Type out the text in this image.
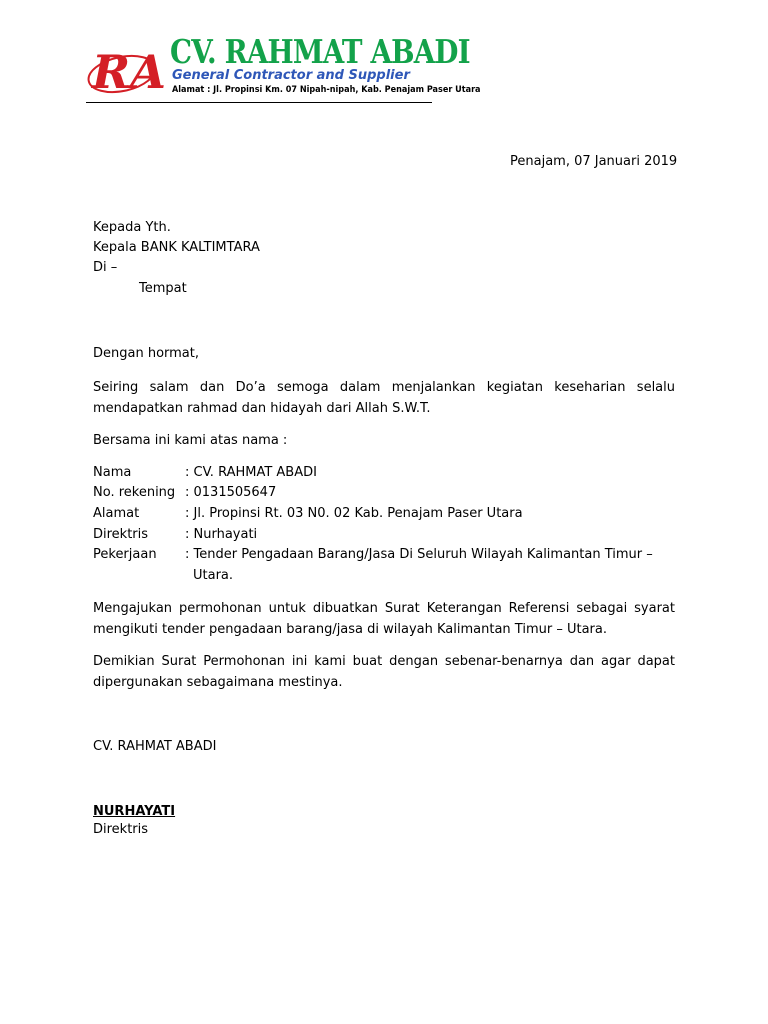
RA CV. RAHMAT ABADI
General Contractor and Supplier
Alamat : Jl. Propinsi Km. 07 Nipah-nipah, Kab. Penajam Paser Utara
Penajam, 07 Januari 2019
Kepada Yth.
Kepala BANK KALTIMTARA
Di –
Tempat
Dengan hormat,
Seiring salam dan Do’a semoga dalam menjalankan kegiatan keseharian selalu mendapatkan rahmad dan hidayah dari Allah S.W.T.
Bersama ini kami atas nama :
Nama	: CV. RAHMAT ABADI
No. rekening : 0131505647
Alamat	: Jl. Propinsi Rt. 03 N0. 02 Kab. Penajam Paser Utara
Direktris	: Nurhayati
Pekerjaan : Tender Pengadaan Barang/Jasa Di Seluruh Wilayah Kalimantan Timur –
Utara.
Mengajukan permohonan untuk dibuatkan Surat Keterangan Referensi sebagai syarat mengikuti tender pengadaan barang/jasa di wilayah Kalimantan Timur – Utara.
Demikian Surat Permohonan ini kami buat dengan sebenar-benarnya dan agar dapat dipergunakan sebagaimana mestinya.
CV. RAHMAT ABADI
NURHAYATI
Direktris
